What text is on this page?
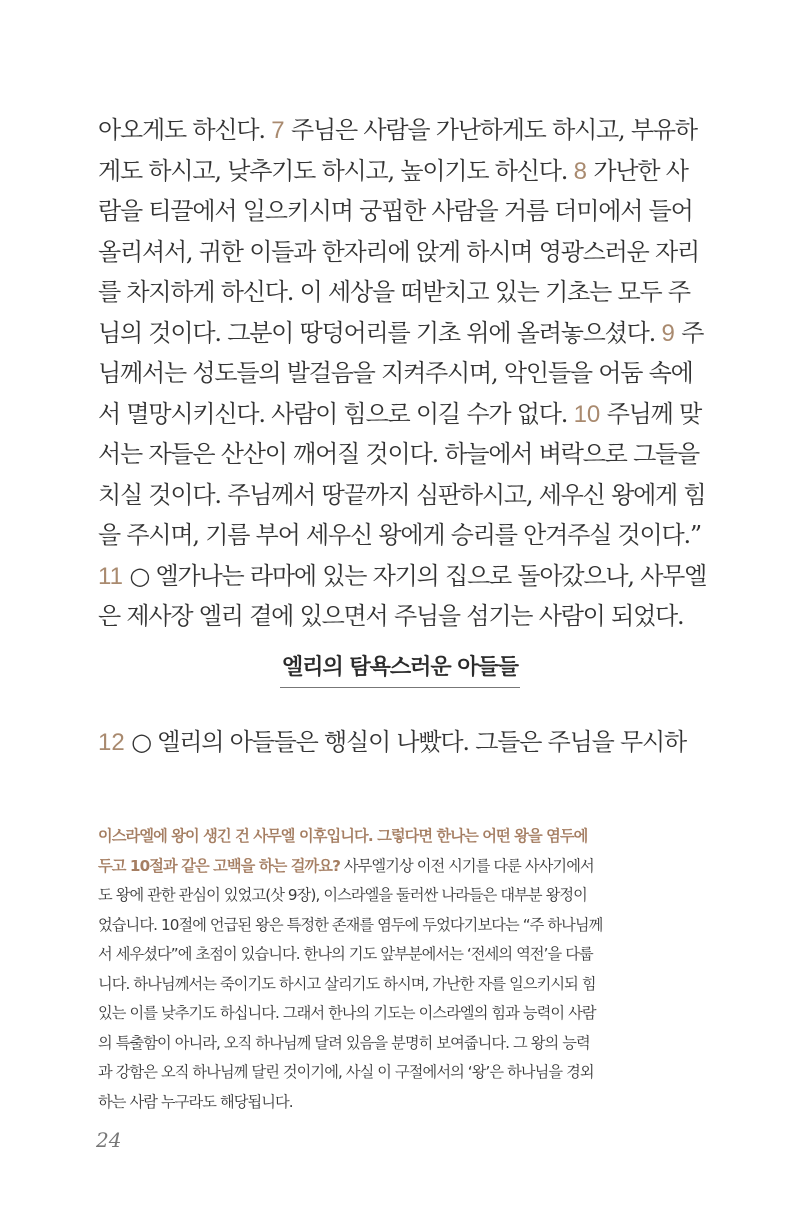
아오게도 하신다. 7 주님은 사람을 가난하게도 하시고, 부유하
게도 하시고, 낮추기도 하시고, 높이기도 하신다. 8 가난한 사
람을 티끌에서 일으키시며 궁핍한 사람을 거름 더미에서 들어
올리셔서, 귀한 이들과 한자리에 앉게 하시며 영광스러운 자리
를 차지하게 하신다. 이 세상을 떠받치고 있는 기초는 모두 주
님의 것이다. 그분이 땅덩어리를 기초 위에 올려놓으셨다. 9 주
님께서는 성도들의 발걸음을 지켜주시며, 악인들을 어둠 속에
서 멸망시키신다. 사람이 힘으로 이길 수가 없다. 10 주님께 맞
서는 자들은 산산이 깨어질 것이다. 하늘에서 벼락으로 그들을
치실 것이다. 주님께서 땅끝까지 심판하시고, 세우신 왕에게 힘
을 주시며, 기름 부어 세우신 왕에게 승리를 안겨주실 것이다.”
11 ○ 엘가나는 라마에 있는 자기의 집으로 돌아갔으나, 사무엘
은 제사장 엘리 곁에 있으면서 주님을 섬기는 사람이 되었다.
엘리의 탐욕스러운 아들들
12 ○ 엘리의 아들들은 행실이 나빴다. 그들은 주님을 무시하
이스라엘에 왕이 생긴 건 사무엘 이후입니다. 그렇다면 한나는 어떤 왕을 염두에
두고 10절과 같은 고백을 하는 걸까요? 사무엘기상 이전 시기를 다룬 사사기에서
도 왕에 관한 관심이 있었고(삿 9장), 이스라엘을 둘러싼 나라들은 대부분 왕정이
었습니다. 10절에 언급된 왕은 특정한 존재를 염두에 두었다기보다는 “주 하나님께
서 세우셨다”에 초점이 있습니다. 한나의 기도 앞부분에서는 ‘전세의 역전’을 다룹
니다. 하나님께서는 죽이기도 하시고 살리기도 하시며, 가난한 자를 일으키시되 힘
있는 이를 낮추기도 하십니다. 그래서 한나의 기도는 이스라엘의 힘과 능력이 사람
의 특출함이 아니라, 오직 하나님께 달려 있음을 분명히 보여줍니다. 그 왕의 능력
과 강함은 오직 하나님께 달린 것이기에, 사실 이 구절에서의 ‘왕’은 하나님을 경외
하는 사람 누구라도 해당됩니다.
24
